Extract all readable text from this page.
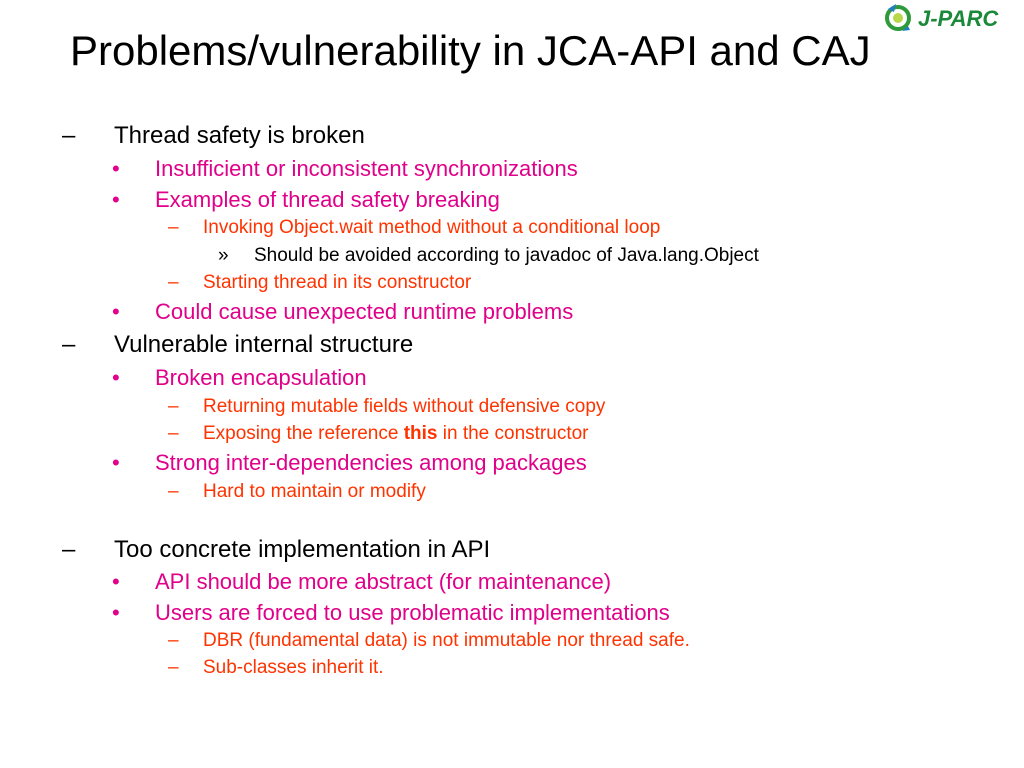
J-PARC
Problems/vulnerability in JCA-API and CAJ
– Thread safety is broken
• Insufficient or inconsistent synchronizations
• Examples of thread safety breaking
– Invoking Object.wait method without a conditional loop
» Should be avoided according to javadoc of Java.lang.Object
– Starting thread in its constructor
• Could cause unexpected runtime problems
– Vulnerable internal structure
• Broken encapsulation
– Returning mutable fields without defensive copy
– Exposing the reference this in the constructor
• Strong inter-dependencies among packages
– Hard to maintain or modify
– Too concrete implementation in API
• API should be more abstract (for maintenance)
• Users are forced to use problematic implementations
– DBR (fundamental data) is not immutable nor thread safe.
– Sub-classes inherit it.
